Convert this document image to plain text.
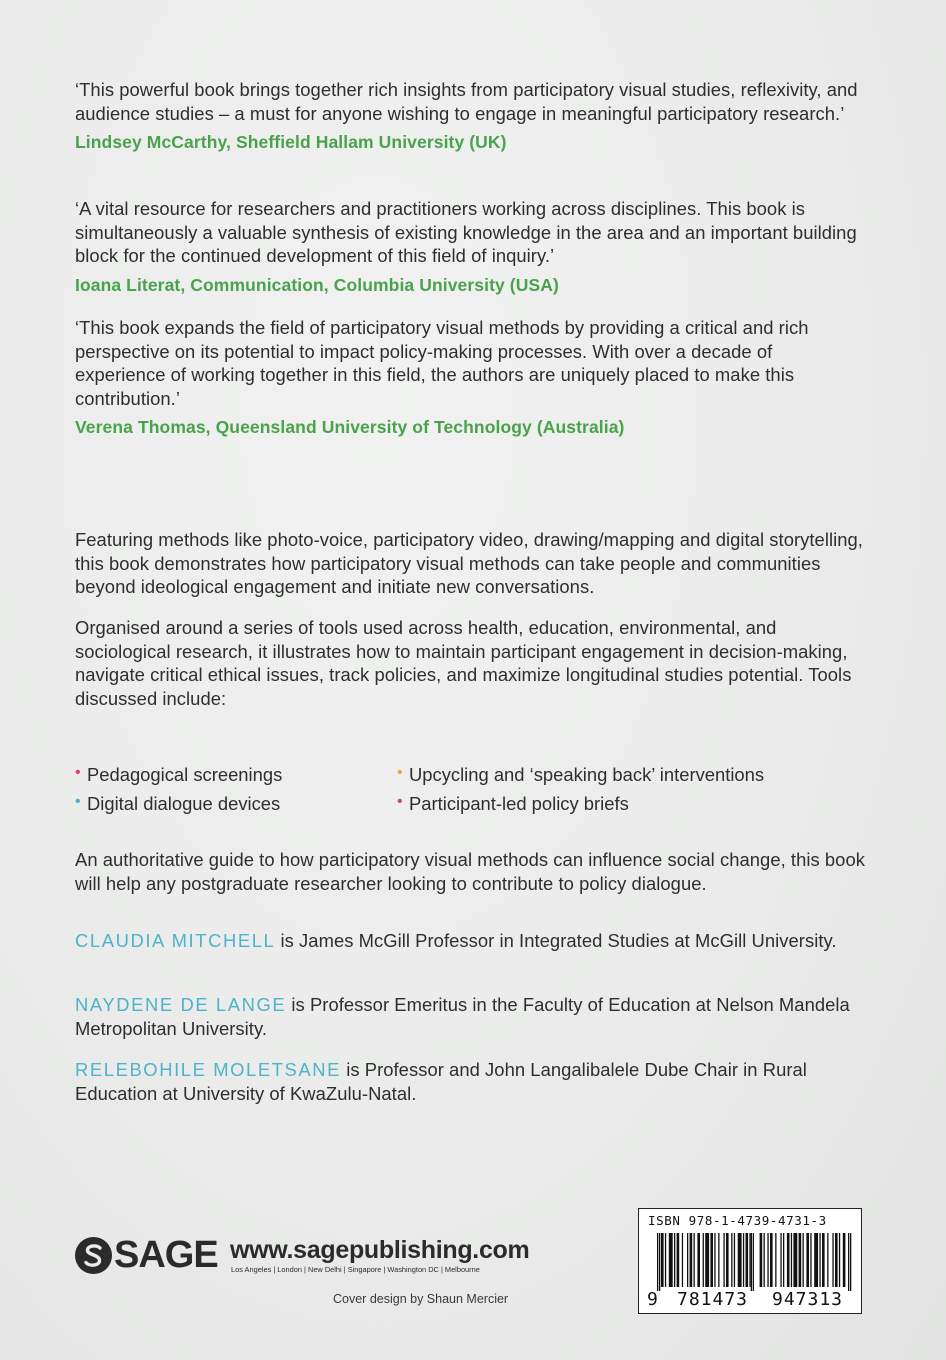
‘This powerful book brings together rich insights from participatory visual studies, reflexivity, and audience studies – a must for anyone wishing to engage in meaningful participatory research.’

Lindsey McCarthy, Sheffield Hallam University (UK)

‘A vital resource for researchers and practitioners working across disciplines. This book is simultaneously a valuable synthesis of existing knowledge in the area and an important building block for the continued development of this field of inquiry.’

Ioana Literat, Communication, Columbia University (USA)

‘This book expands the field of participatory visual methods by providing a critical and rich perspective on its potential to impact policy-making processes. With over a decade of experience of working together in this field, the authors are uniquely placed to make this contribution.’

Verena Thomas, Queensland University of Technology (Australia)

Featuring methods like photo-voice, participatory video, drawing/mapping and digital storytelling, this book demonstrates how participatory visual methods can take people and communities beyond ideological engagement and initiate new conversations.

Organised around a series of tools used across health, education, environmental, and sociological research, it illustrates how to maintain participant engagement in decision-making, navigate critical ethical issues, track policies, and maximize longitudinal studies potential. Tools discussed include:

• Pedagogical screenings	• Upcycling and ‘speaking back’ interventions
• Digital dialogue devices	• Participant-led policy briefs

An authoritative guide to how participatory visual methods can influence social change, this book will help any postgraduate researcher looking to contribute to policy dialogue.

CLAUDIA MITCHELL is James McGill Professor in Integrated Studies at McGill University.

NAYDENE DE LANGE is Professor Emeritus in the Faculty of Education at Nelson Mandela Metropolitan University.

RELEBOHILE MOLETSANE is Professor and John Langalibalele Dube Chair in Rural Education at University of KwaZulu-Natal.

SAGE www.sagepublishing.com
Los Angeles | London | New Delhi | Singapore | Washington DC | Melbourne
Cover design by Shaun Mercier
ISBN 978-1-4739-4731-3
9	781473	947313
